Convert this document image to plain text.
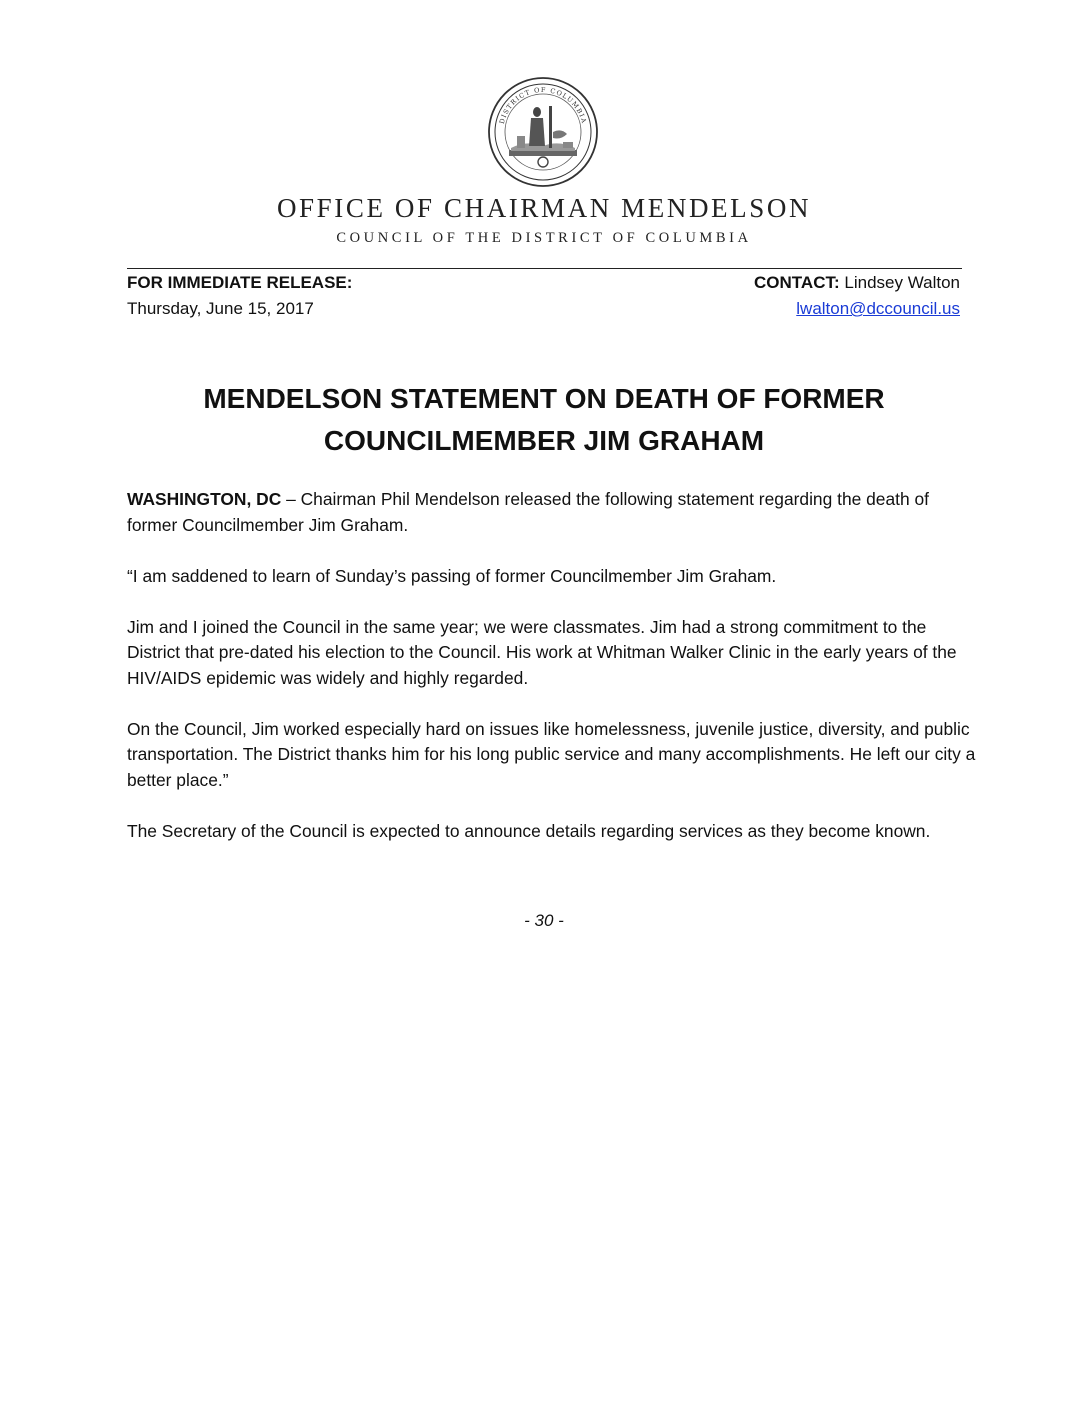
DISTRICT OF COLUMBIA
OFFICE OF CHAIRMAN MENDELSON
COUNCIL OF THE DISTRICT OF COLUMBIA
FOR IMMEDIATE RELEASE:
Thursday, June 15, 2017
CONTACT: Lindsey Walton
lwalton@dccouncil.us
MENDELSON STATEMENT ON DEATH OF FORMER
COUNCILMEMBER JIM GRAHAM

WASHINGTON, DC – Chairman Phil Mendelson released the following statement regarding the death of former Councilmember Jim Graham.

“I am saddened to learn of Sunday’s passing of former Councilmember Jim Graham.

Jim and I joined the Council in the same year; we were classmates. Jim had a strong commitment to the District that pre-dated his election to the Council. His work at Whitman Walker Clinic in the early years of the HIV/AIDS epidemic was widely and highly regarded.

On the Council, Jim worked especially hard on issues like homelessness, juvenile justice, diversity, and public transportation. The District thanks him for his long public service and many accomplishments. He left our city a better place.”

The Secretary of the Council is expected to announce details regarding services as they become known.

- 30 -
